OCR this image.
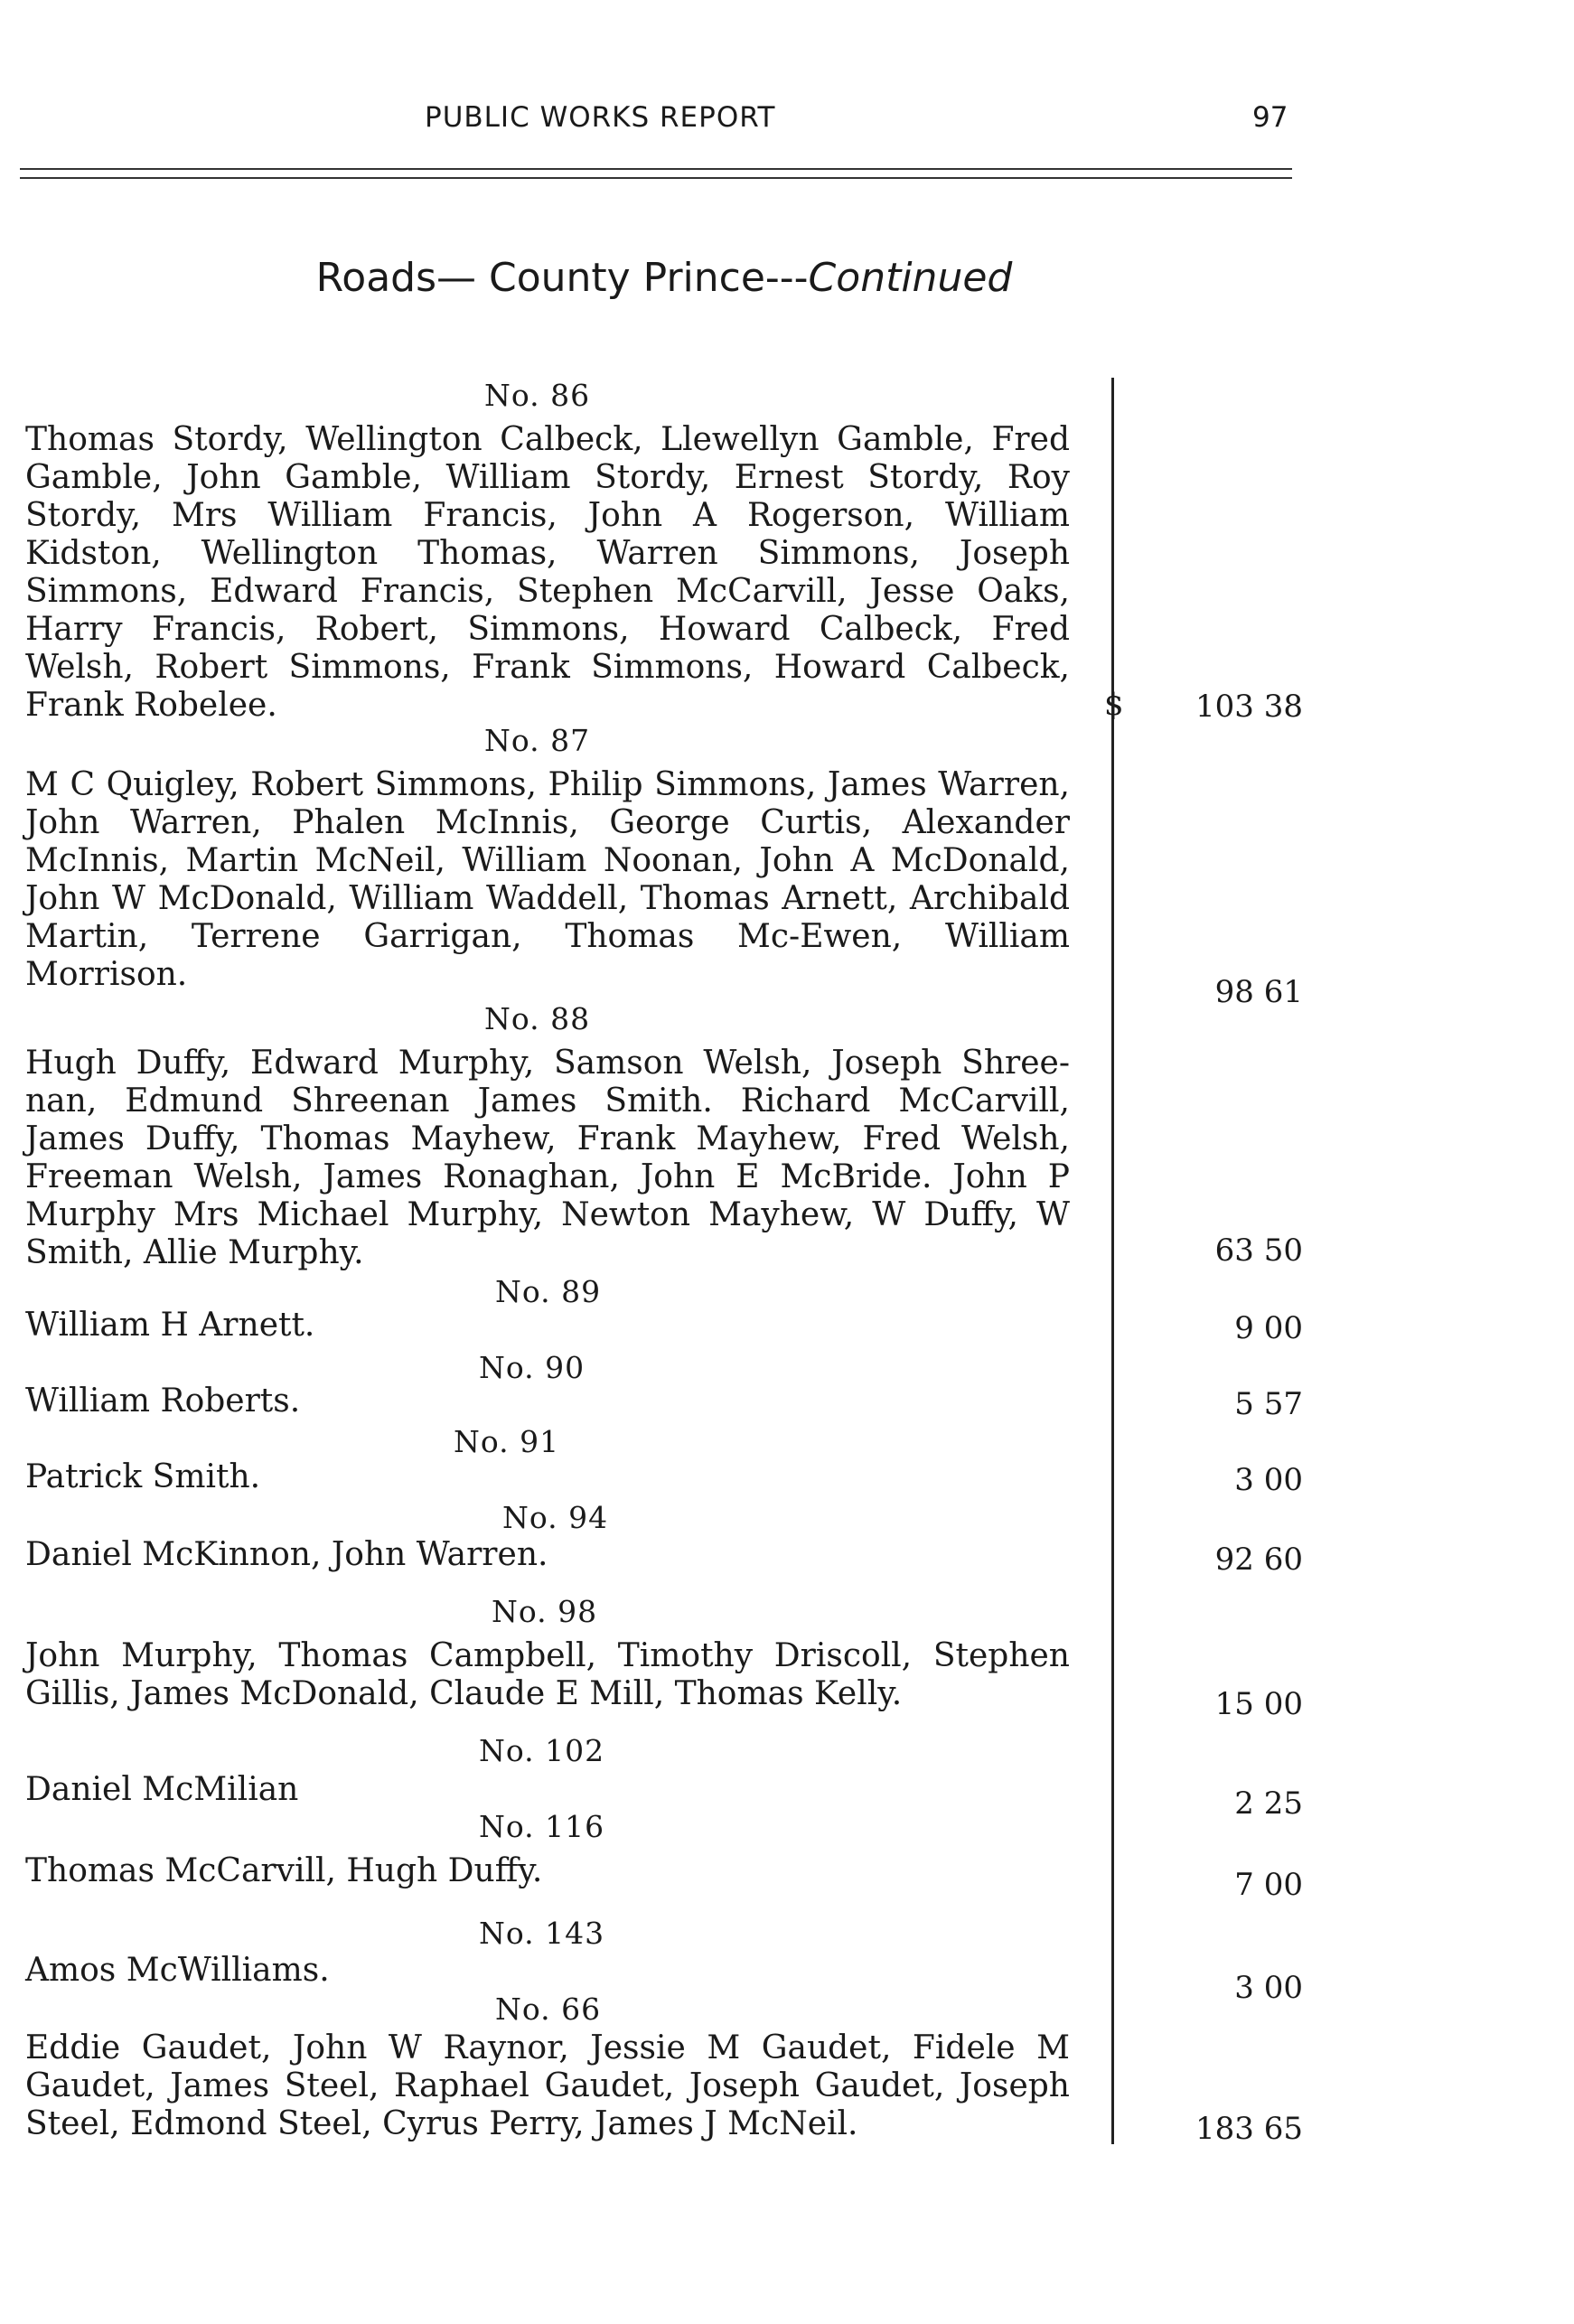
PUBLIC WORKS REPORT	97
Roads— County Prince---Continued
$
No. 86

Thomas Stordy, Wellington Calbeck, Llewellyn Gamble, Fred Gamble, John Gamble, William Stordy, Ernest Stordy, Roy Stordy, Mrs William Francis, John A Rogerson, William Kidston, Wellington Thomas, Warren Simmons, Joseph Simmons, Edward Francis, Stephen McCarvill, Jesse Oaks, Harry Francis, Robert, Simmons, Howard Calbeck, Fred Welsh, Robert Simmons, Frank Simmons, Howard Calbeck, Frank Robelee.	103 38
No. 87

M C Quigley, Robert Simmons, Philip Simmons, James Warren, John Warren, Phalen McInnis, George Curtis, Alexander McInnis, Martin McNeil, William Noonan, John A McDonald, John W McDonald, William Waddell, Thomas Arnett, Archibald Martin, Terrene Garrigan, Thomas Mc-Ewen, William Morrison.	98 61
No. 88

Hugh Duffy, Edward Murphy, Samson Welsh, Joseph Shree-nan, Edmund Shreenan James Smith. Richard McCarvill, James Duffy, Thomas Mayhew, Frank Mayhew, Fred Welsh, Freeman Welsh, James Ronaghan, John E McBride. John P Murphy Mrs Michael Murphy, Newton Mayhew, W Duffy, W Smith, Allie Murphy.	63 50
No. 89

William H Arnett.	9 00
No. 90

William Roberts.	5 57
No. 91

Patrick Smith.	3 00
No. 94

Daniel McKinnon, John Warren.	92 60
No. 98

John Murphy, Thomas Campbell, Timothy Driscoll, Stephen Gillis, James McDonald, Claude E Mill, Thomas Kelly.	15 00
No. 102

Daniel McMilian	2 25
No. 116

Thomas McCarvill, Hugh Duffy.	7 00
No. 143

Amos McWilliams.	3 00
No. 66

Eddie Gaudet, John W Raynor, Jessie M Gaudet, Fidele M Gaudet, James Steel, Raphael Gaudet, Joseph Gaudet, Joseph Steel, Edmond Steel, Cyrus Perry, James J McNeil.	183 65
